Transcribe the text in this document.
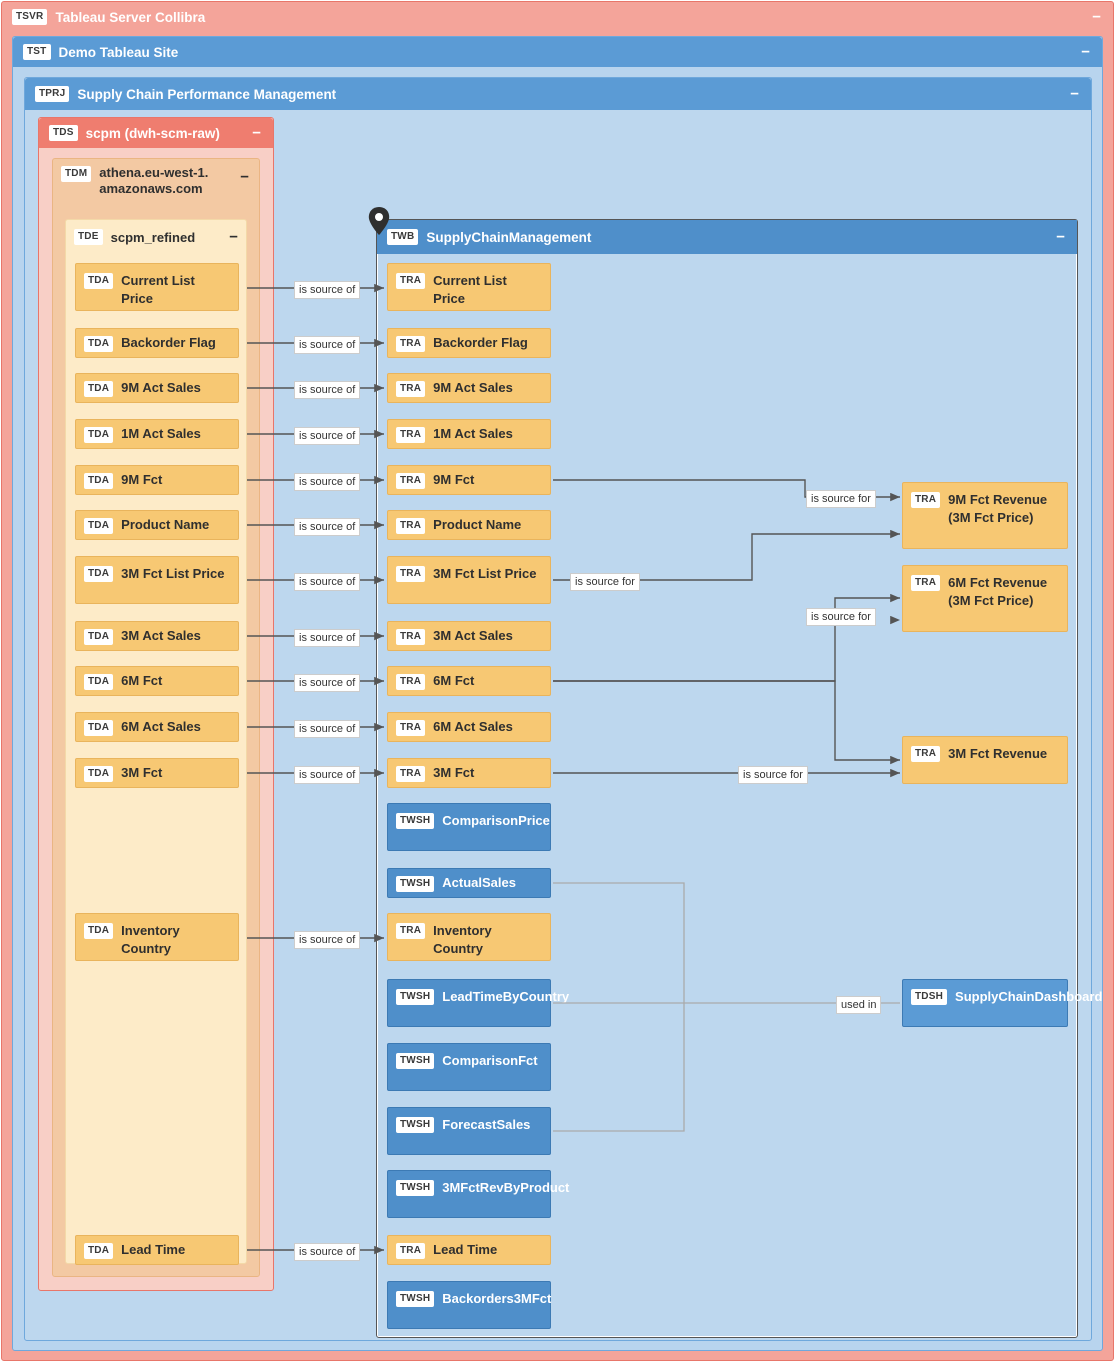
TSVR Tableau Server Collibra	−
TST Demo Tableau Site	−
TPRJ Supply Chain Performance Management	−
TDS scpm (dwh-scm-raw) −
TDM athena.eu-west-1. amazonaws.com
−
TDE scpm_refined −	TWB SupplyChainManagement	−
TDA Current List Price
TDA Backorder Flag
TDA 9M Act Sales
TDA 1M Act Sales
TDA 9M Fct
TDA Product Name
TDA 3M Fct List Price
TDA 3M Act Sales
TDA 6M Fct
TDA 6M Act Sales
TDA 3M Fct
TDA Inventory Country
TDA Lead Time
TRA Current List Price
TRA Backorder Flag
TRA 9M Act Sales
TRA 1M Act Sales
TRA 9M Fct
TRA Product Name
TRA 3M Fct List Price
TRA 3M Act Sales
TRA 6M Fct
TRA 6M Act Sales
TRA 3M Fct
TWSH ComparisonPrice
TWSH ActualSales
TRA Inventory Country
TWSH LeadTimeByCountry
TWSH ComparisonFct
TWSH ForecastSales
TWSH 3MFctRevByProduct
TRA Lead Time
TWSH Backorders3MFct
TRA 9M Fct Revenue (3M Fct Price)
TRA 6M Fct Revenue (3M Fct Price)
TRA 3M Fct Revenue
TDSH SupplyChainDashboard
is source of
is source of
is source of
is source of
is source of
is source of
is source of
is source of
is source of
is source of
is source of
is source of
is source of
is source for
is source for
is source for
is source for
used in
